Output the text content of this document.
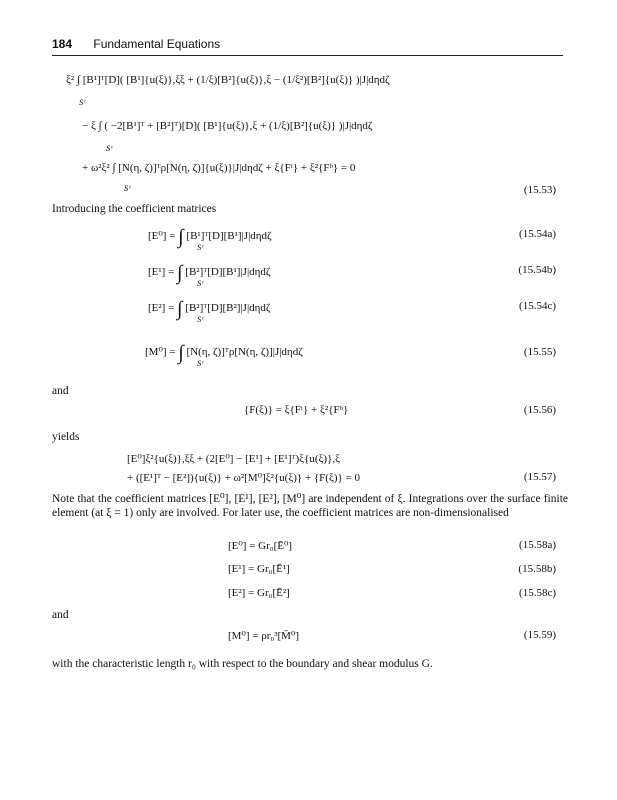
184 Fundamental Equations
ξ² ∫ [B¹]ᵀ[D]( [B¹]{u(ξ)},ξξ + (1/ξ)[B²]{u(ξ)},ξ − (1/ξ²)[B²]{u(ξ)} )|J|dηdζ
Sᶜ
− ξ ∫ ( −2[B¹]ᵀ + [B²]ᵀ)[D]( [B¹]{u(ξ)},ξ + (1/ξ)[B²]{u(ξ)} )|J|dηdζ
Sᶜ
+ ω²ξ² ∫ [N(η, ζ)]ᵀρ[N(η, ζ)]{u(ξ)}|J|dηdζ + ξ{Fᵗ} + ξ²{Fᵇ} = 0
Sᶜ	(15.53)
Introducing the coefficient matrices
[E⁰] = ∫ [B¹]ᵀ[D][B¹]|J|dηdζ
Sᶜ
(15.54a)
[E¹] = ∫ [B²]ᵀ[D][B¹]|J|dηdζ
Sᶜ
(15.54b)
[E²] = ∫ [B²]ᵀ[D][B²]|J|dηdζ
Sᶜ
(15.54c)
[M⁰] = ∫ [N(η, ζ)]ᵀρ[N(η, ζ)]|J|dηdζ
Sᶜ
(15.55)
and
{F(ξ)} = ξ{Fᵗ} + ξ²{Fᵇ}	(15.56)
yields
[E⁰]ξ²{u(ξ)},ξξ + (2[E⁰] − [E¹] + [E¹]ᵀ)ξ{u(ξ)},ξ
+ ([E¹]ᵀ − [E²]){u(ξ)} + ω²[M⁰]ξ²{u(ξ)} + {F(ξ)} = 0	(15.57)
Note that the coefficient matrices [E⁰], [E¹], [E²], [M⁰] are independent of ξ. Integrations over the surface finite element (at ξ = 1) only are involved. For later use, the coefficient matrices are non-dimensionalised
[E⁰] = Gr₀[Ē⁰]	(15.58a)
[E¹] = Gr₀[Ē¹]	(15.58b)
[E²] = Gr₀[Ē²]	(15.58c)
and
[M⁰] = ρr₀³[M̄⁰]	(15.59)
with the characteristic length r₀ with respect to the boundary and shear modulus G.
